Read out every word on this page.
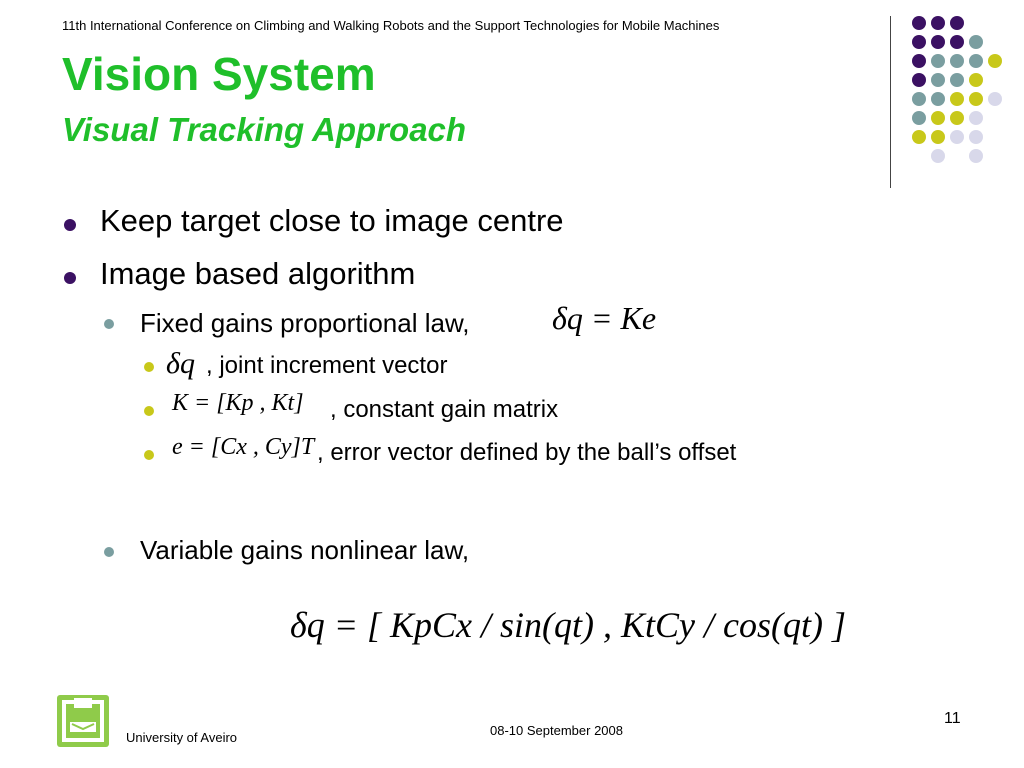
11th International Conference on Climbing and Walking Robots and the Support Technologies for Mobile Machines
Vision System
Visual Tracking Approach
Keep target close to image centre
Image based algorithm
Fixed gains proportional law,	δq = Ke
δq , joint increment vector
K = [Kp , Kt] , constant gain matrix
e = [Cx , Cy]T , error vector defined by the ball’s offset
Variable gains nonlinear law,
δq = [ KpCx / sin(qt) , KtCy / cos(qt) ]
University of Aveiro	08-10 September 2008
11
